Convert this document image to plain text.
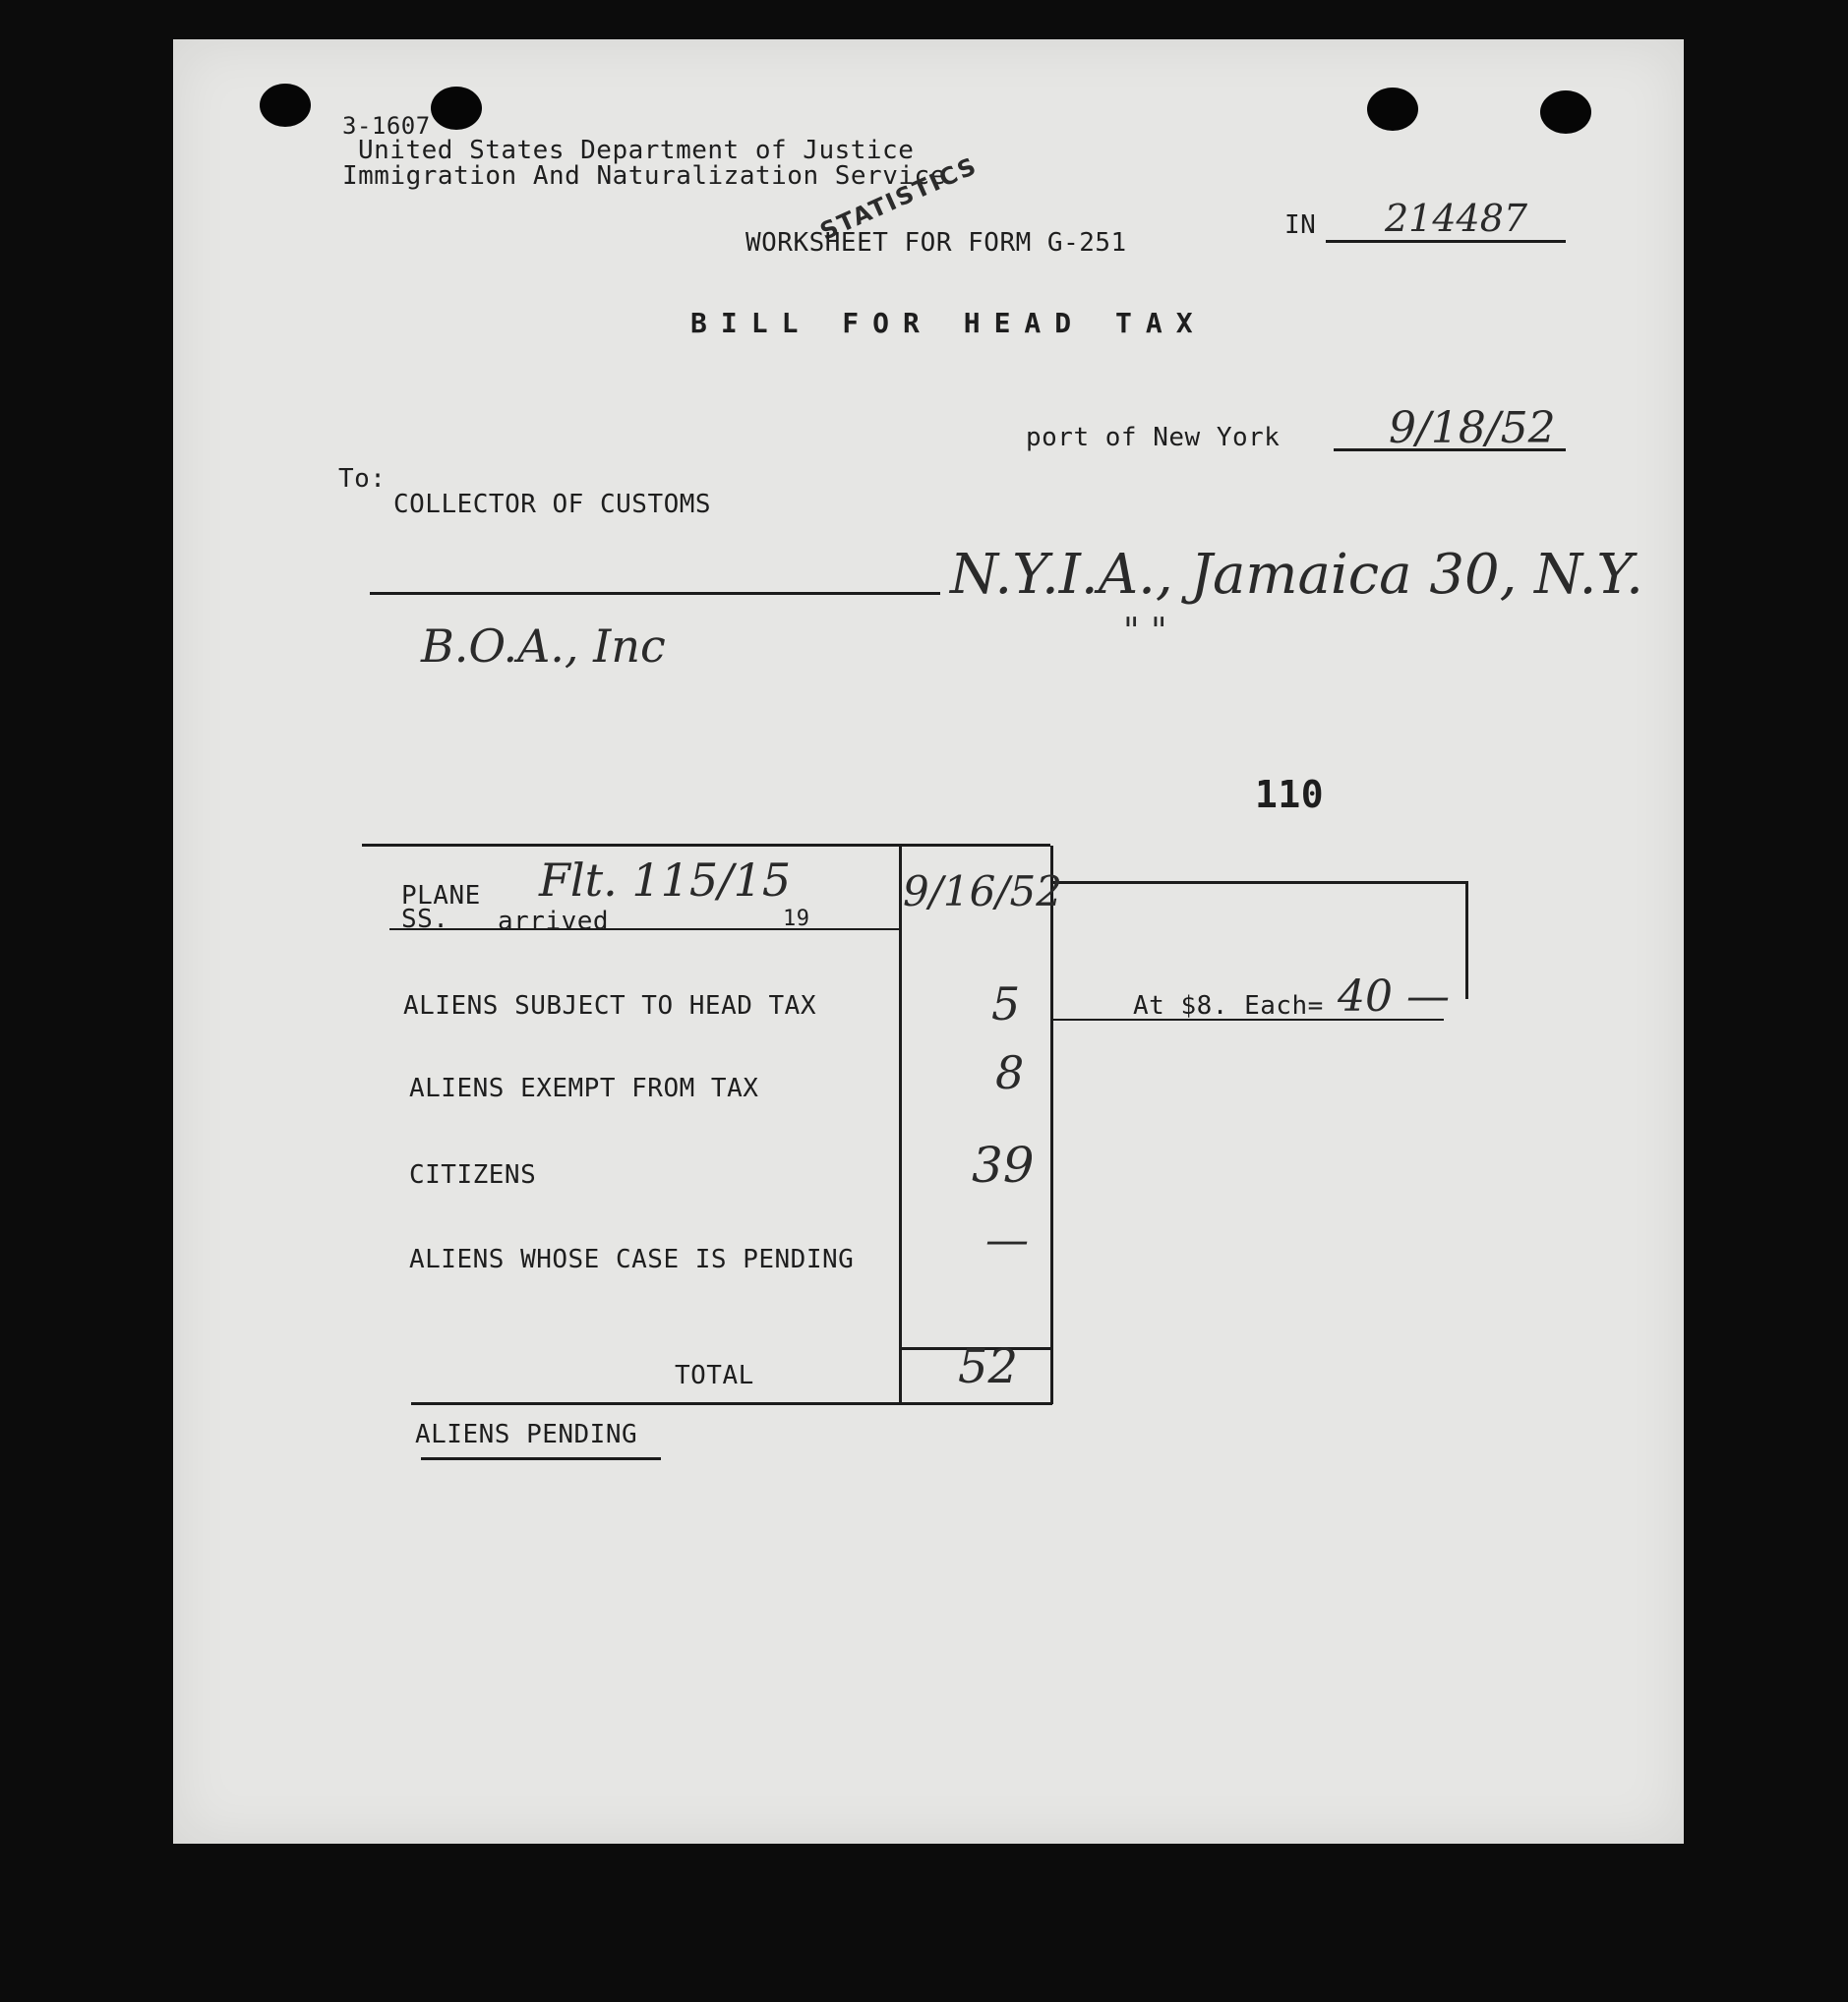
3-1607
United States Department of Justice
Immigration And Naturalization Service
STATISTICS
WORKSHEET FOR FORM G-251
IN 214487
BILL FOR HEAD TAX
port of New York	9/18/52
To:
COLLECTOR OF CUSTOMS
N.Y.I.A., Jamaica 30, N.Y.
B.O.A., Inc	" "
110
PLANE
SS. arrived	19
Flt. 115/15	9/16/52
ALIENS SUBJECT TO HEAD TAX	5	At $8. Each= 40 —
ALIENS EXEMPT FROM TAX	8
CITIZENS	39
ALIENS WHOSE CASE IS PENDING	—
TOTAL	52
ALIENS PENDING
